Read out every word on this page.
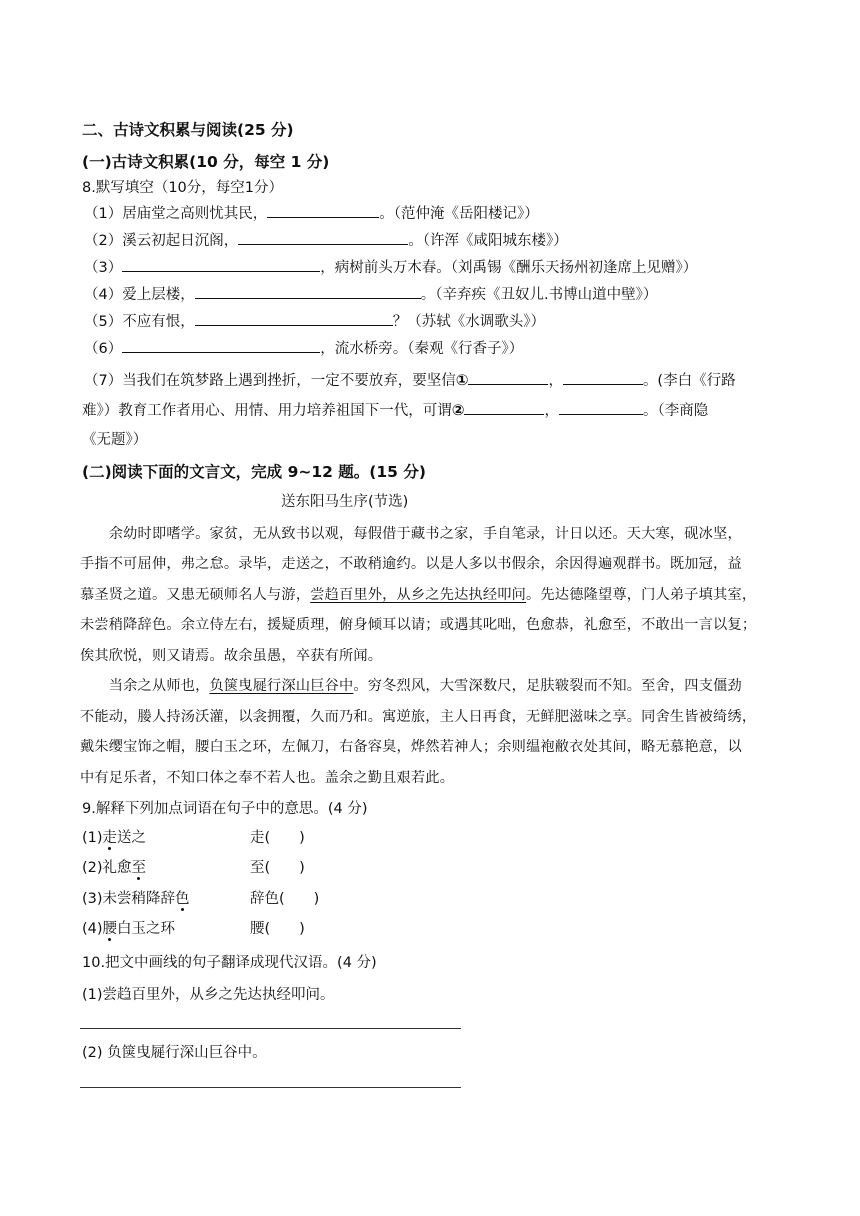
二、古诗文积累与阅读(25 分)
(一)古诗文积累(10 分，每空 1 分)
8.默写填空（10分，每空1分）
（1）居庙堂之高则忧其民，	。（范仲淹《岳阳楼记》）
（2）溪云初起日沉阁，	。（许浑《咸阳城东楼》）
（3）	，病树前头万木春。（刘禹锡《酬乐天扬州初逢席上见赠》）
（4）爱上层楼，	。（辛弃疾《丑奴儿.书博山道中壁》）
（5）不应有恨，	？（苏轼《水调歌头》）
（6）	，流水桥旁。（秦观《行香子》）
（7）当我们在筑梦路上遇到挫折，一定不要放弃，要坚信①	，	。(李白《行路
难》）教育工作者用心、用情、用力培养祖国下一代，可谓②	，	。（李商隐
《无题》）
(二)阅读下面的文言文，完成 9~12 题。(15 分)
送东阳马生序(节选)
　　余幼时即嗜学。家贫，无从致书以观，每假借于藏书之家，手自笔录，计日以还。天大寒，砚冰坚，
手指不可屈伸，弗之怠。录毕，走送之，不敢稍逾约。以是人多以书假余，余因得遍观群书。既加冠，益
慕圣贤之道。又患无硕师名人与游，尝趋百里外，从乡之先达执经叩问。先达德隆望尊，门人弟子填其室，
未尝稍降辞色。余立侍左右，援疑质理，俯身倾耳以请；或遇其叱咄，色愈恭，礼愈至，不敢出一言以复；
俟其欣悦，则又请焉。故余虽愚，卒获有所闻。
　　当余之从师也，负箧曳屣行深山巨谷中。穷冬烈风，大雪深数尺，足肤皲裂而不知。至舍，四支僵劲
不能动，媵人持汤沃灌，以衾拥覆，久而乃和。寓逆旅，主人日再食，无鲜肥滋味之享。同舍生皆被绮绣，
戴朱缨宝饰之帽，腰白玉之环，左佩刀，右备容臭，烨然若神人；余则缊袍敝衣处其间，略无慕艳意，以
中有足乐者，不知口体之奉不若人也。盖余之勤且艰若此。
9.解释下列加点词语在句子中的意思。(4 分)
(1)走送之	走(　　)
(2)礼愈至	至(　　)
(3)未尝稍降辞色	辞色(　　)
(4)腰白玉之环	腰(　　)
10.把文中画线的句子翻译成现代汉语。(4 分)
(1)尝趋百里外，从乡之先达执经叩问。
(2) 负箧曳屣行深山巨谷中。
